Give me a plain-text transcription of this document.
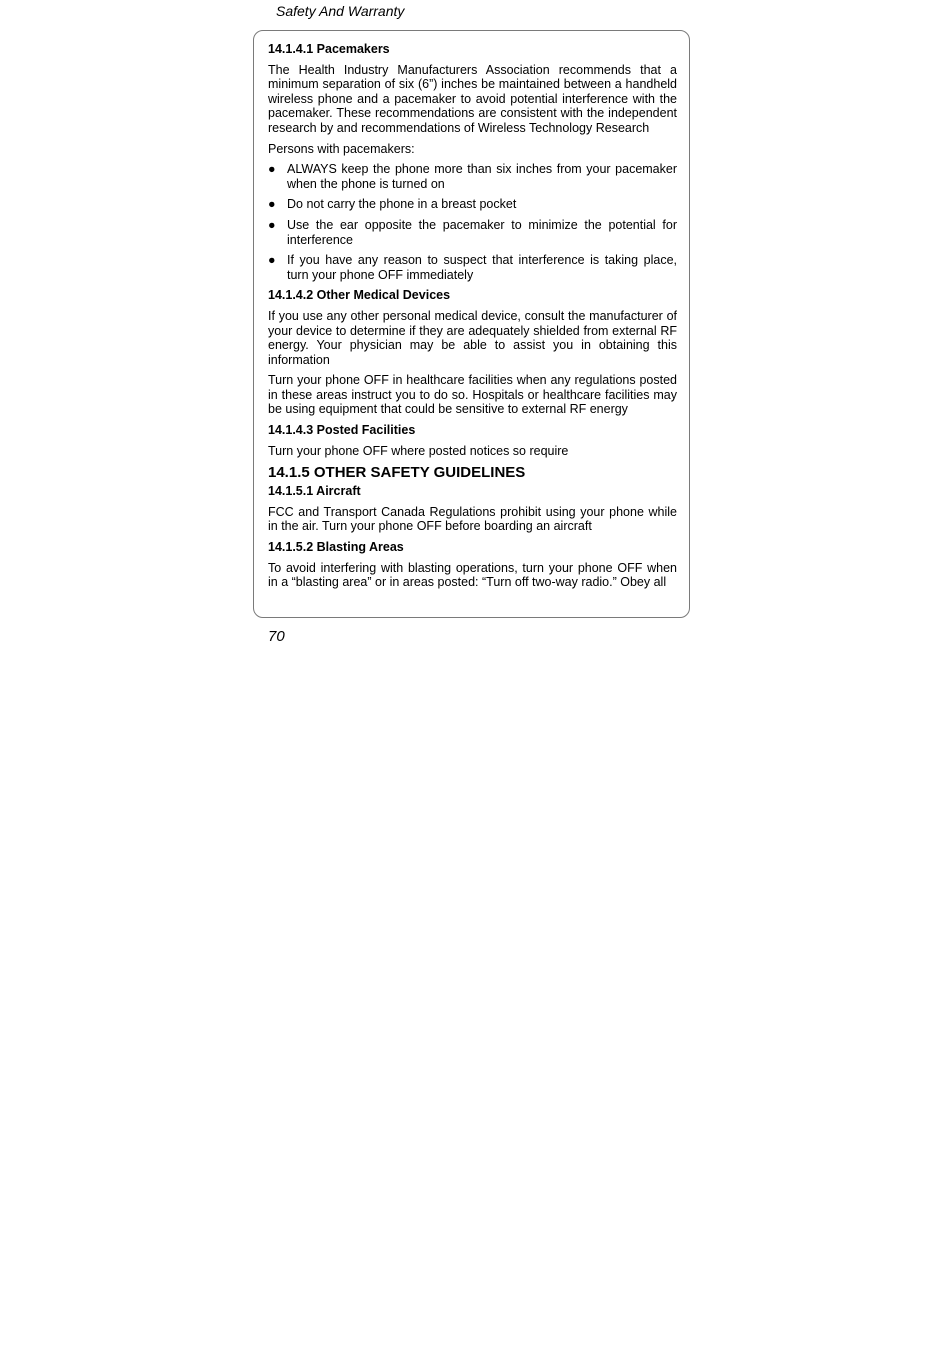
Safety And Warranty
14.1.4.1 Pacemakers

The Health Industry Manufacturers Association recommends that a minimum separation of six (6”) inches be maintained between a handheld wireless phone and a pacemaker to avoid potential interference with the pacemaker. These recommendations are consistent with the independent research by and recommendations of Wireless Technology Research

Persons with pacemakers:

● ALWAYS keep the phone more than six inches from your pacemaker when the phone is turned on
● Do not carry the phone in a breast pocket
● Use the ear opposite the pacemaker to minimize the potential for interference
● If you have any reason to suspect that interference is taking place, turn your phone OFF immediately
14.1.4.2 Other Medical Devices

If you use any other personal medical device, consult the manufacturer of your device to determine if they are adequately shielded from external RF energy. Your physician may be able to assist you in obtaining this information

Turn your phone OFF in healthcare facilities when any regulations posted in these areas instruct you to do so. Hospitals or healthcare facilities may be using equipment that could be sensitive to external RF energy

14.1.4.3 Posted Facilities

Turn your phone OFF where posted notices so require

14.1.5 OTHER SAFETY GUIDELINES
14.1.5.1 Aircraft

FCC and Transport Canada Regulations prohibit using your phone while in the air. Turn your phone OFF before boarding an aircraft

14.1.5.2 Blasting Areas

To avoid interfering with blasting operations, turn your phone OFF when in a “blasting area” or in areas posted: “Turn off two-way radio.” Obey all

70
